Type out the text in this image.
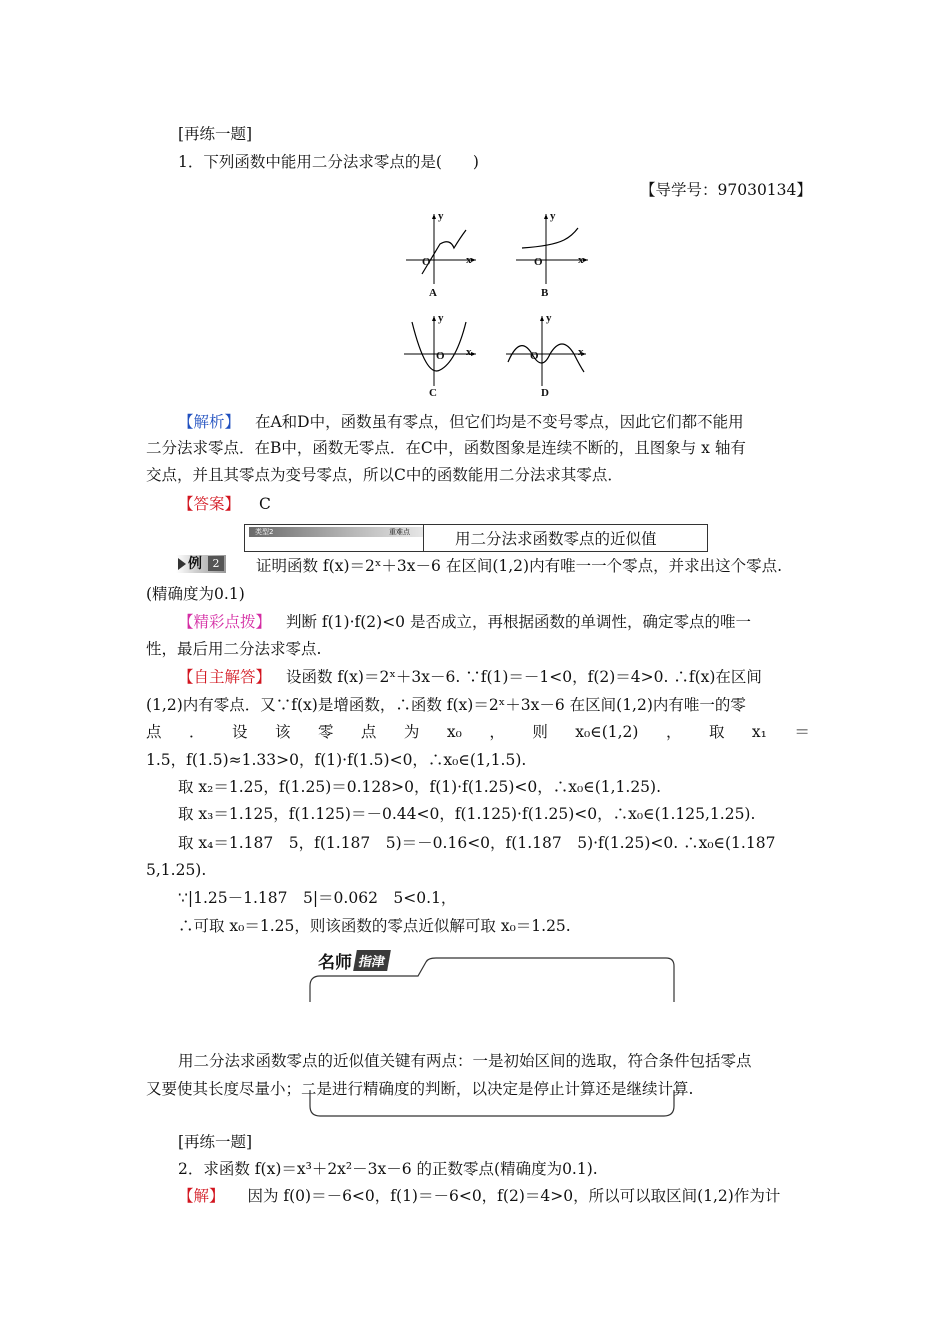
[再练一题]
1．下列函数中能用二分法求零点的是(　　)
【导学号：97030134】
y
x
O
A
y
x
O
B
y
x
O
C
y
x
O
D
【解析】 在A和D中，函数虽有零点，但它们均是不变号零点，因此它们都不能用
二分法求零点．在B中，函数无零点．在C中，函数图象是连续不断的，且图象与 x 轴有
交点，并且其零点为变号零点，所以C中的函数能用二分法求其零点．
【答案】 C
类型2	重难点	用二分法求函数零点的近似值
例 2 证明函数 f(x)＝2ˣ＋3x－6 在区间(1,2)内有唯一一个零点，并求出这个零点.
(精确度为0.1)
【精彩点拨】 判断 f(1)·f(2)<0 是否成立，再根据函数的单调性，确定零点的唯一
性，最后用二分法求零点.
【自主解答】 设函数 f(x)＝2ˣ＋3x－6. ∵f(1)＝－1<0，f(2)＝4>0. ∴f(x)在区间
(1,2)内有零点．又∵f(x)是增函数，∴函数 f(x)＝2ˣ＋3x－6 在区间(1,2)内有唯一的零
点 ． 设 该 零 点 为 x₀ ， 则 x₀∈(1,2) ， 取 x₁ ＝
1.5，f(1.5)≈1.33>0，f(1)·f(1.5)<0，∴x₀∈(1,1.5).
取 x₂＝1.25，f(1.25)＝0.128>0，f(1)·f(1.25)<0，∴x₀∈(1,1.25).
取 x₃＝1.125，f(1.125)＝－0.44<0，f(1.125)·f(1.25)<0，∴x₀∈(1.125,1.25).
取 x₄＝1.187　5，f(1.187　5)＝－0.16<0，f(1.187　5)·f(1.25)<0. ∴x₀∈(1.187
5,1.25).
∵|1.25－1.187　5|＝0.062　5<0.1，
∴可取 x₀＝1.25，则该函数的零点近似解可取 x₀＝1.25.
名师 指津
用二分法求函数零点的近似值关键有两点：一是初始区间的选取，符合条件包括零点
又要使其长度尽量小；二是进行精确度的判断，以决定是停止计算还是继续计算.
[再练一题]
2．求函数 f(x)＝x³＋2x²－3x－6 的正数零点(精确度为0.1).
【解】 因为 f(0)＝－6<0，f(1)＝－6<0，f(2)＝4>0，所以可以取区间(1,2)作为计
